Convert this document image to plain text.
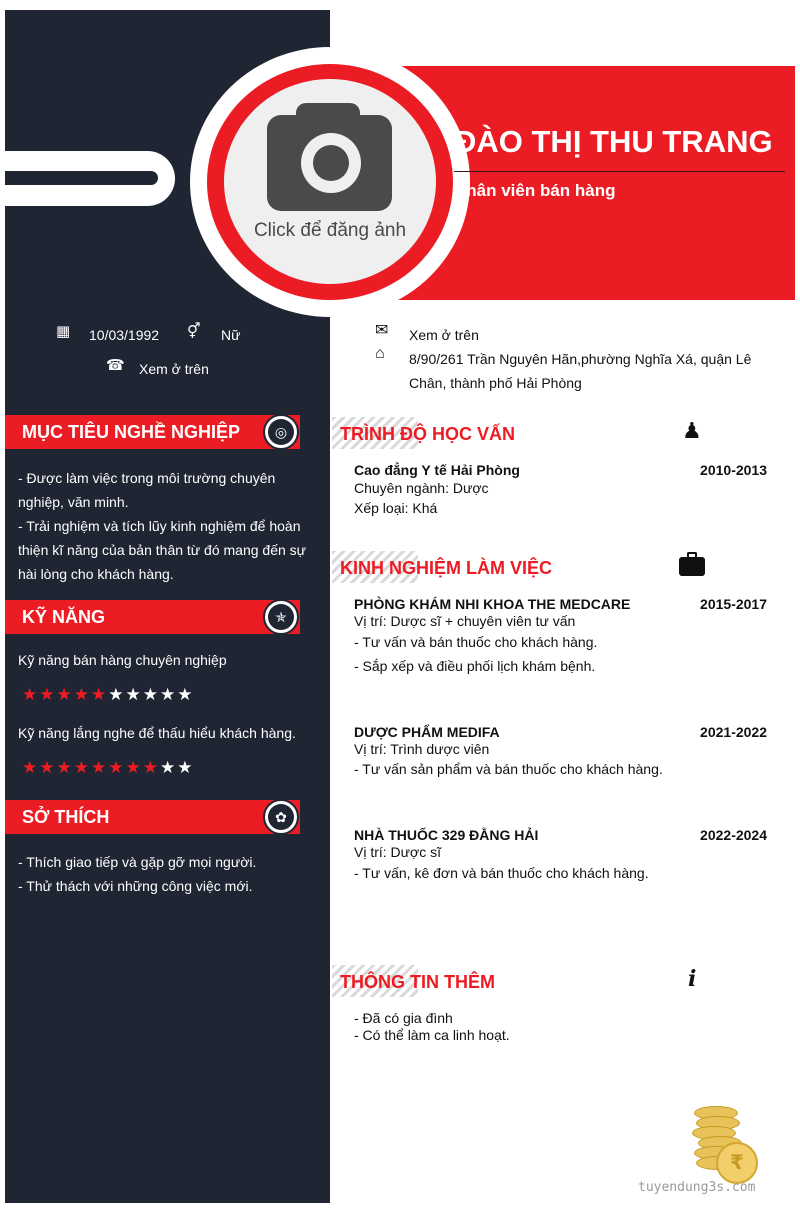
Click để đăng ảnh
ĐÀO THỊ THU TRANG
Nhân viên bán hàng
▦ 10/03/1992 ⚥ Nữ
☎ Xem ở trên
✉ Xem ở trên
⌂ 8/90/261 Trần Nguyên Hãn,phường Nghĩa Xá, quận Lê
Chân, thành phố Hải Phòng
MỤC TIÊU NGHỀ NGHIỆP	◎
- Được làm việc trong môi trường chuyên
nghiệp, văn minh.
- Trải nghiệm và tích lũy kinh nghiệm để hoàn
thiện kĩ năng của bản thân từ đó mang đến sự
hài lòng cho khách hàng.
KỸ NĂNG	✯
Kỹ năng bán hàng chuyên nghiệp
★★★★★★★★★★
Kỹ năng lắng nghe để thấu hiểu khách hàng.
★★★★★★★★★★
SỞ THÍCH	✿
- Thích giao tiếp và gặp gỡ mọi người.
- Thử thách với những công việc mới.
TRÌNH ĐỘ HỌC VẤN	♟
Cao đẳng Y tế Hải Phòng	2010-2013
Chuyên ngành: Dược
Xếp loại: Khá
KINH NGHIỆM LÀM VIỆC
PHÒNG KHÁM NHI KHOA THE MEDCARE	2015-2017
Vị trí: Dược sĩ + chuyên viên tư vấn
- Tư vấn và bán thuốc cho khách hàng.
- Sắp xếp và điều phối lịch khám bệnh.
DƯỢC PHẨM MEDIFA	2021-2022
Vị trí: Trình dược viên
- Tư vấn sản phẩm và bán thuốc cho khách hàng.
NHÀ THUỐC 329 ĐẰNG HẢI	2022-2024
Vị trí: Dược sĩ
- Tư vấn, kê đơn và bán thuốc cho khách hàng.
THÔNG TIN THÊM	i
- Đã có gia đình
- Có thể làm ca linh hoạt.
₹
tuyendung3s.com
